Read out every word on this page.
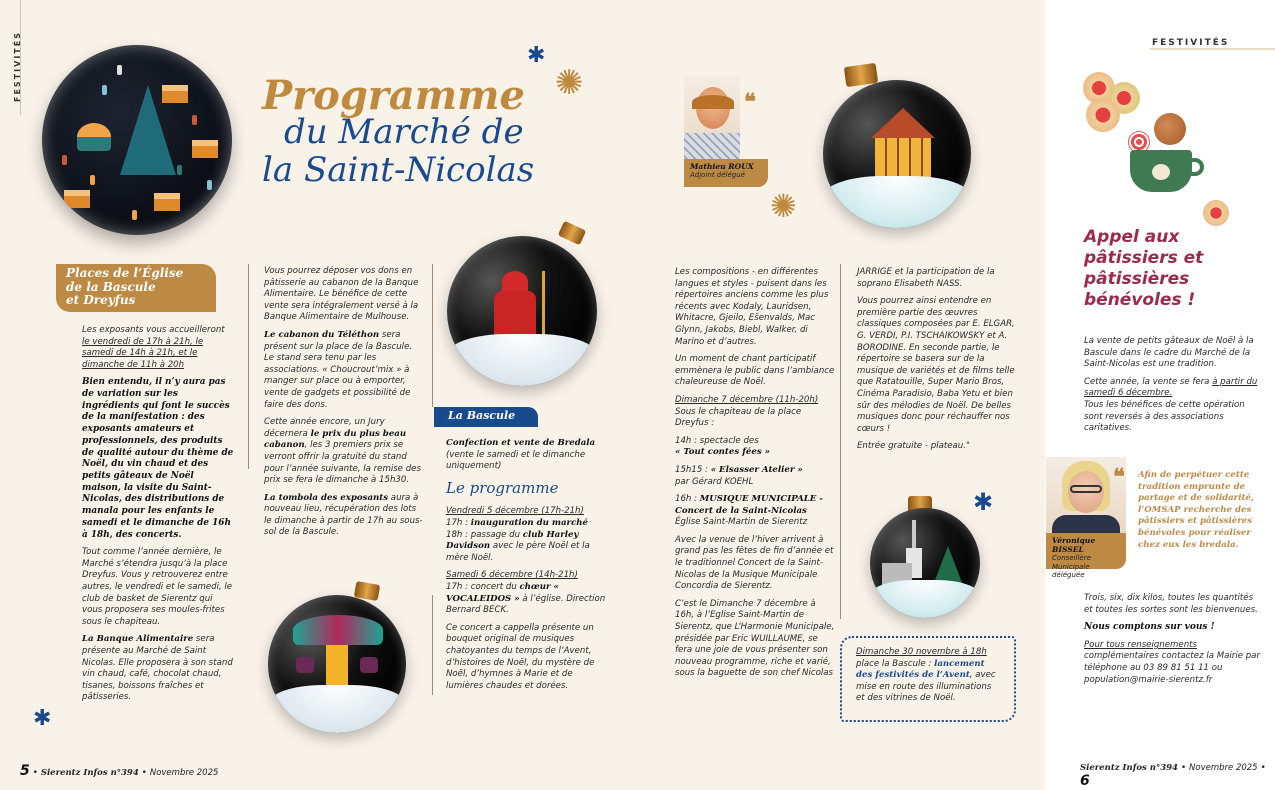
FESTIVITÉS	✱
✺
✺
✱
✱
Programme
du Marché de
la Saint-Nicolas
❝
Mathieu ROUX
Adjoint délégué
Places de l’Église
de la Bascule
et Dreyfus

Les exposants vous accueilleront le vendredi de 17h à 21h, le samedi de 14h à 21h, et le dimanche de 11h à 20h

Bien entendu, il n’y aura pas de variation sur les ingrédients qui font le succès de la manifestation : des exposants amateurs et professionnels, des produits de qualité autour du thème de Noël, du vin chaud et des petits gâteaux de Noël maison, la visite du Saint-Nicolas, des distributions de manala pour les enfants le samedi et le dimanche de 16h à 18h, des concerts.

Tout comme l’année dernière, le Marché s’étendra jusqu’à la place Dreyfus. Vous y retrouverez entre autres, le vendredi et le samedi, le club de basket de Sierentz qui vous proposera ses moules-frites sous le chapiteau.

La Banque Alimentaire sera présente au Marché de Saint Nicolas. Elle proposera à son stand vin chaud, café, chocolat chaud, tisanes, boissons fraîches et pâtisseries.

Vous pourrez déposer vos dons en pâtisserie au cabanon de la Banque Alimentaire. Le bénéfice de cette vente sera intégralement versé à la Banque Alimentaire de Mulhouse.

Le cabanon du Téléthon sera présent sur la place de la Bascule. Le stand sera tenu par les associations. « Choucrout’mix » à manger sur place ou à emporter, vente de gadgets et possibilité de faire des dons.

Cette année encore, un Jury décernera le prix du plus beau cabanon, les 3 premiers prix se verront offrir la gratuité du stand pour l’année suivante, la remise des prix se fera le dimanche à 15h30.

La tombola des exposants aura à nouveau lieu, récupération des lots le dimanche à partir de 17h au sous-sol de la Bascule.

La Bascule
Confection et vente de Bredala
(vente le samedi et le dimanche uniquement)
Le programme

Vendredi 5 décembre (17h-21h)
17h : inauguration du marché
18h : passage du club Harley Davidson avec le père Noël et la mère Noël.

Samedi 6 décembre (14h-21h)
17h : concert du chœur « VOCALEIDOS » à l’église. Direction Bernard BECK.

Ce concert a cappella présente un bouquet original de musiques chatoyantes du temps de l’Avent, d’histoires de Noël, du mystère de Noël, d’hymnes à Marie et de lumières chaudes et dorées.

Les compositions - en différentes langues et styles - puisent dans les répertoires anciens comme les plus récents avec Kodaly, Lauridsen, Whitacre, Gjeilo, Ešenvalds, Mac Glynn, Jakobs, Biebl, Walker, di Marino et d’autres.

Un moment de chant participatif emmènera le public dans l’ambiance chaleureuse de Noël.

Dimanche 7 décembre (11h-20h)
Sous le chapiteau de la place Dreyfus :

14h : spectacle des
« Tout contes fées »

15h15 : « Elsasser Atelier »
par Gérard KOEHL

16h : MUSIQUE MUNICIPALE - Concert de la Saint-Nicolas
Église Saint-Martin de Sierentz

Avec la venue de l’hiver arrivent à grand pas les fêtes de fin d’année et le traditionnel Concert de la Saint-Nicolas de la Musique Municipale Concordia de Sierentz.

C’est le Dimanche 7 décembre à 16h, à l’Eglise Saint-Martin de Sierentz, que L’Harmonie Municipale, présidée par Eric WUILLAUME, se fera une joie de vous présenter son nouveau programme, riche et varié, sous la baguette de son chef Nicolas

JARRIGE et la participation de la soprano Elisabeth NASS.

Vous pourrez ainsi entendre en première partie des œuvres classiques composées par E. ELGAR, G. VERDI, P.I. TSCHAIKOWSKY et A. BORODINE. En seconde partie, le répertoire se basera sur de la musique de variétés et de films telle que Ratatouille, Super Mario Bros, Cinéma Paradisio, Baba Yetu et bien sûr des mélodies de Noël. De belles musiques donc pour réchauffer nos cœurs !

Entrée gratuite - plateau."

Dimanche 30 novembre à 18h
place la Bascule : lancement des festivités de l’Avent, avec mise en route des illuminations et des vitrines de Noël.
FESTIVITÉS
Appel aux
pâtissiers et
pâtissières
bénévoles !

La vente de petits gâteaux de Noël à la Bascule dans le cadre du Marché de la Saint-Nicolas est une tradition.

Cette année, la vente se fera à partir du samedi 6 décembre.
Tous les bénéfices de cette opération sont reversés à des associations caritatives.

Véronique BISSEL
Conseillère Municipale déléguée
❝ Afin de perpétuer cette tradition emprunte de partage et de solidarité, l’OMSAP recherche des pâtissiers et pâtissières bénévoles pour réaliser chez eux les bredala.

Trois, six, dix kilos, toutes les quantités et toutes les sortes sont les bienvenues.

Nous comptons sur vous !

Pour tous renseignements
complémentaires contactez la Mairie par téléphone au 03 89 81 51 11 ou population@mairie-sierentz.fr

5 • Sierentz Infos n°394 • Novembre 2025	Sierentz Infos n°394 • Novembre 2025 • 6
